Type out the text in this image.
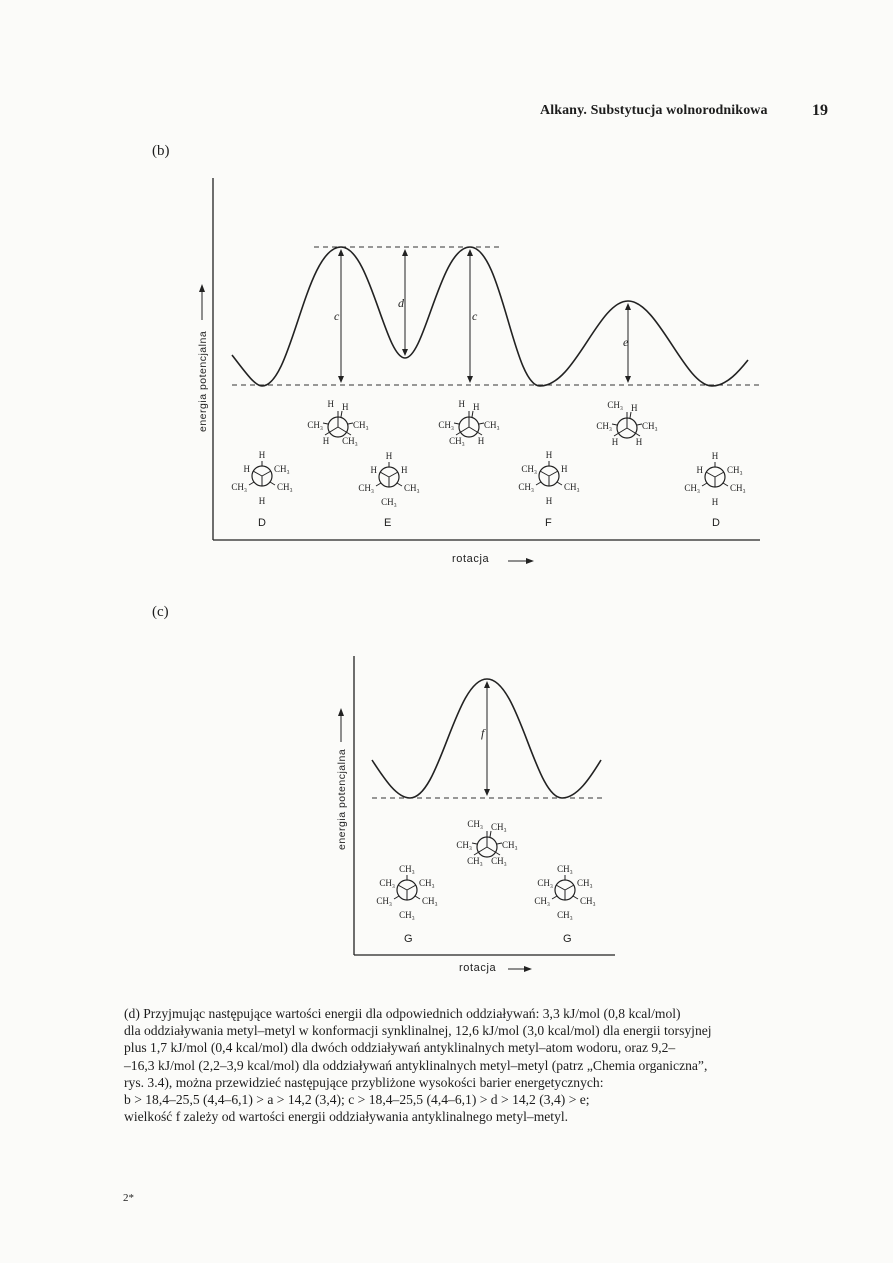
Alkany. Substytucja wolnorodnikowa	19
(b)
energia potencjalna
rotacja
c
d
c
e
H H
CH₃	CH₃
H CH₃
H H
CH₃	CH₃
CH₃ H
CH₃ H
CH₃	CH₃
H H
H
H	CH₃
CH₃	CH₃
H
H
H	H
CH₃	CH₃
CH₃
H
CH₃	H
CH₃	CH₃
H
H
H	CH₃
CH₃	CH₃
H
D	E	F	D
(c)
energia potencjalna
rotacja
f
CH₃ CH₃
CH₃	CH₃
CH₃ CH₃
CH₃
CH₃	CH₃
CH₃	CH₃
CH₃
CH₃
CH₃	CH₃
CH₃	CH₃
CH₃
G	G

(d) Przyjmując następujące wartości energii dla odpowiednich oddziaływań: 3,3 kJ/mol (0,8 kcal/mol)

dla oddziaływania metyl–metyl w konformacji synklinalnej, 12,6 kJ/mol (3,0 kcal/mol) dla energii torsyjnej

plus 1,7 kJ/mol (0,4 kcal/mol) dla dwóch oddziaływań antyklinalnych metyl–atom wodoru, oraz 9,2–

–16,3 kJ/mol (2,2–3,9 kcal/mol) dla oddziaływań antyklinalnych metyl–metyl (patrz „Chemia organiczna”,

rys. 3.4), można przewidzieć następujące przybliżone wysokości barier energetycznych:

b > 18,4–25,5 (4,4–6,1) > a > 14,2 (3,4); c > 18,4–25,5 (4,4–6,1) > d > 14,2 (3,4) > e;

wielkość f zależy od wartości energii oddziaływania antyklinalnego metyl–metyl.

2*
